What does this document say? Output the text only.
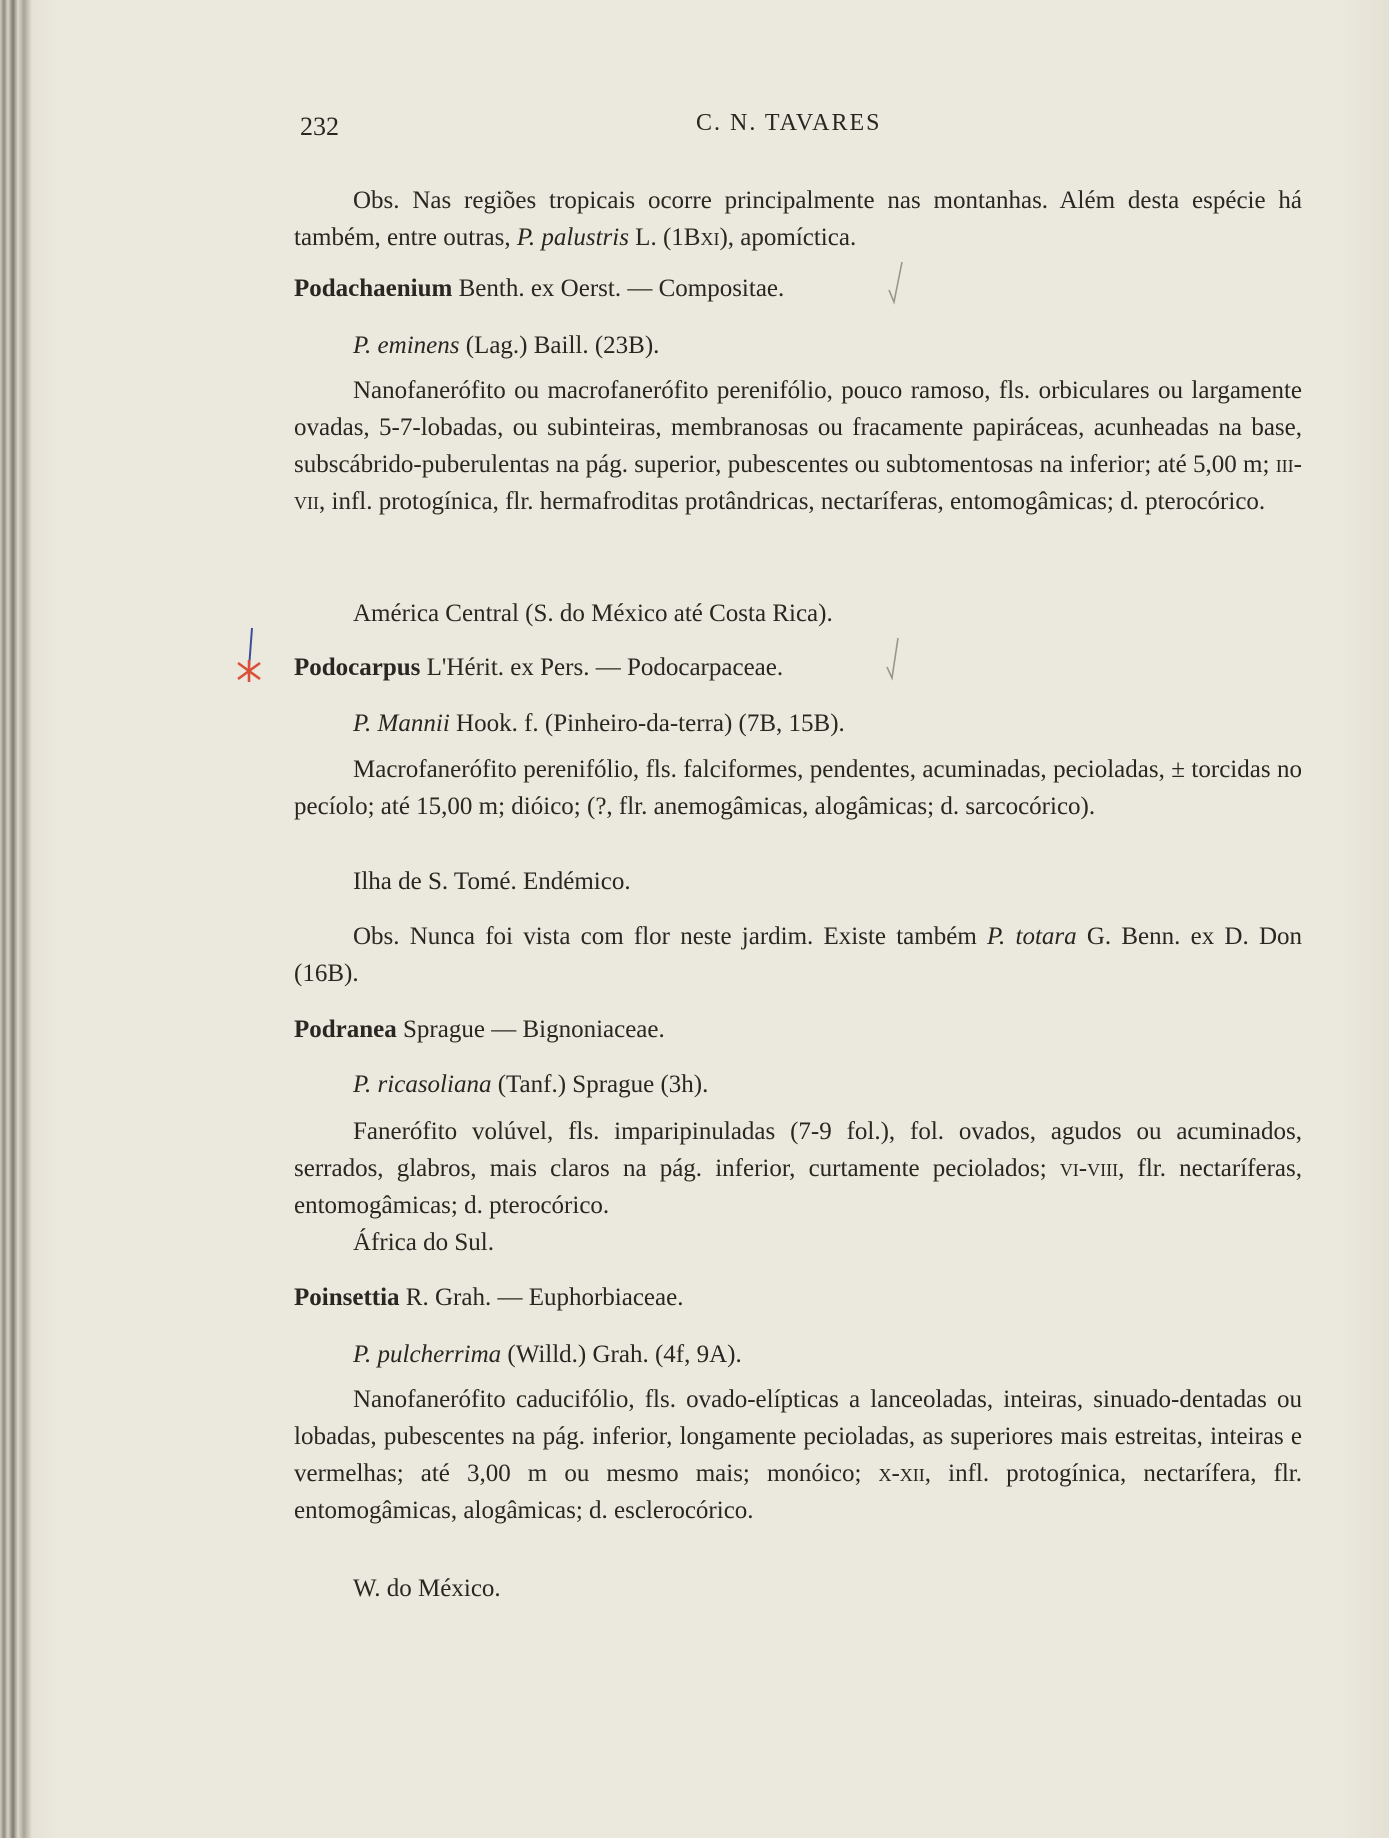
232	C. N. TAVARES
Obs. Nas regiões tropicais ocorre principalmente nas montanhas. Além desta espécie há também, entre outras, P. palustris L. (1Bxi), apomíctica.
Podachaenium Benth. ex Oerst. — Compositae.
P. eminens (Lag.) Baill. (23B).
Nanofanerófito ou macrofanerófito perenifólio, pouco ramoso, fls. orbiculares ou largamente ovadas, 5-7-lobadas, ou subinteiras, membranosas ou fracamente papiráceas, acunheadas na base, subscábrido-puberulentas na pág. superior, pubescentes ou subtomentosas na inferior; até 5,00 m; iii-vii, infl. protogínica, flr. hermafroditas protândricas, nectaríferas, entomogâmicas; d. pterocórico.
América Central (S. do México até Costa Rica).
Podocarpus L'Hérit. ex Pers. — Podocarpaceae.
P. Mannii Hook. f. (Pinheiro-da-terra) (7B, 15B).
Macrofanerófito perenifólio, fls. falciformes, pendentes, acuminadas, pecioladas, ± torcidas no pecíolo; até 15,00 m; dióico; (?, flr. anemogâmicas, alogâmicas; d. sarcocórico).
Ilha de S. Tomé. Endémico.
Obs. Nunca foi vista com flor neste jardim. Existe também P. totara G. Benn. ex D. Don (16B).
Podranea Sprague — Bignoniaceae.
P. ricasoliana (Tanf.) Sprague (3h).
Fanerófito volúvel, fls. imparipinuladas (7-9 fol.), fol. ovados, agudos ou acuminados, serrados, glabros, mais claros na pág. inferior, curtamente peciolados; vi-viii, flr. nectaríferas, entomogâmicas; d. pterocórico.
África do Sul.
Poinsettia R. Grah. — Euphorbiaceae.
P. pulcherrima (Willd.) Grah. (4f, 9A).
Nanofanerófito caducifólio, fls. ovado-elípticas a lanceoladas, inteiras, sinuado-dentadas ou lobadas, pubescentes na pág. inferior, longamente pecioladas, as superiores mais estreitas, inteiras e vermelhas; até 3,00 m ou mesmo mais; monóico; x-xii, infl. protogínica, nectarífera, flr. entomogâmicas, alogâmicas; d. esclerocórico.
W. do México.
